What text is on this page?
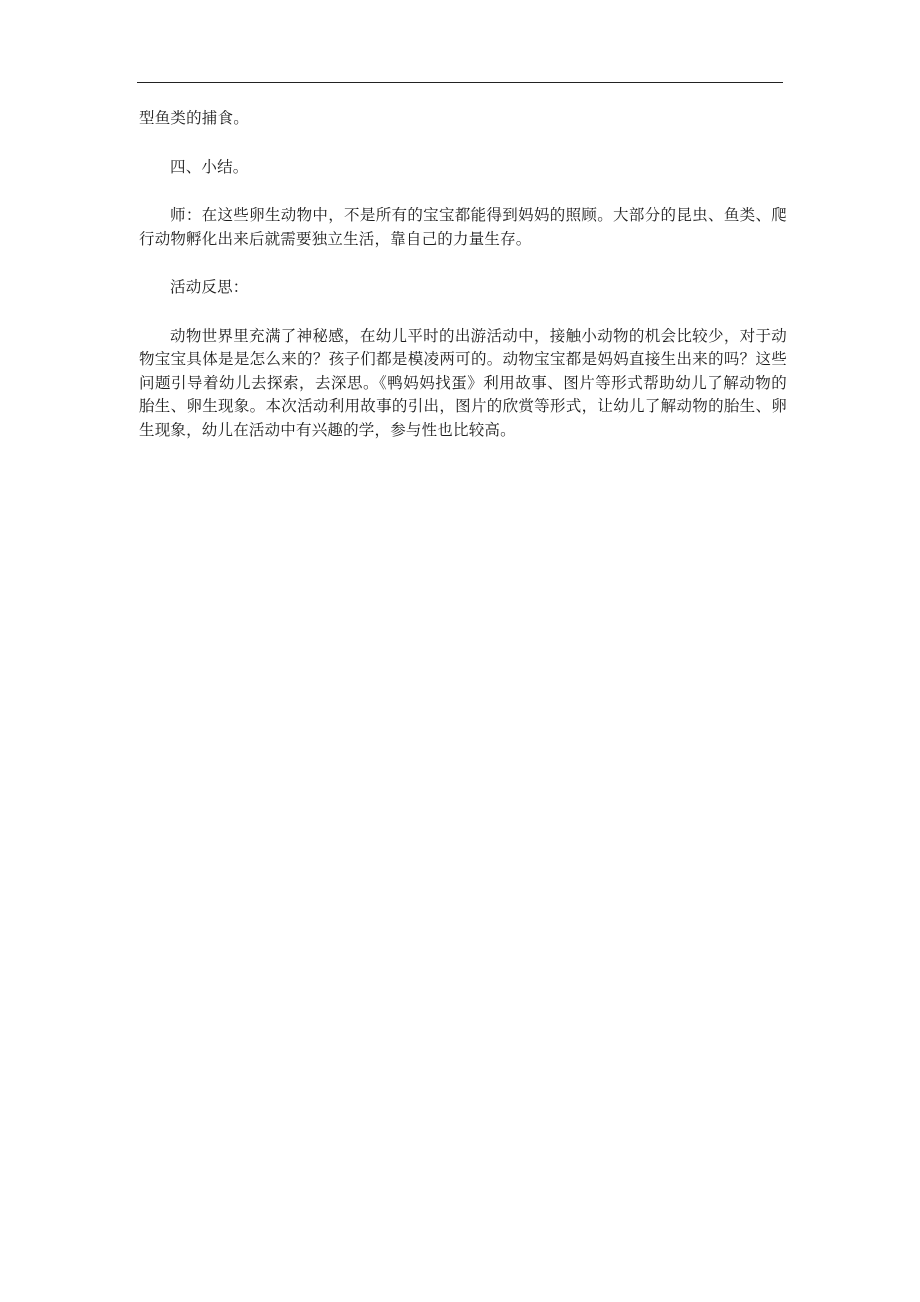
型鱼类的捕食。

四、小结。

师：在这些卵生动物中，不是所有的宝宝都能得到妈妈的照顾。大部分的昆虫、鱼类、爬行动物孵化出来后就需要独立生活，靠自己的力量生存。

活动反思：

动物世界里充满了神秘感，在幼儿平时的出游活动中，接触小动物的机会比较少，对于动物宝宝具体是是怎么来的？孩子们都是模凌两可的。动物宝宝都是妈妈直接生出来的吗？这些问题引导着幼儿去探索，去深思。《鸭妈妈找蛋》利用故事、图片等形式帮助幼儿了解动物的胎生、卵生现象。本次活动利用故事的引出，图片的欣赏等形式，让幼儿了解动物的胎生、卵生现象，幼儿在活动中有兴趣的学，参与性也比较高。
